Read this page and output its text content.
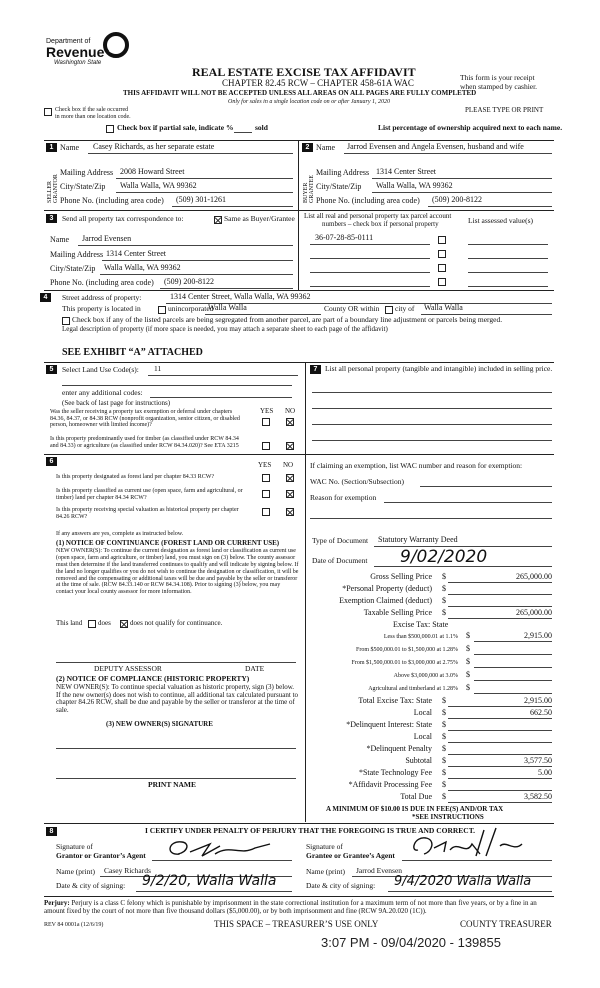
Department of
Revenue
Washington State
REAL ESTATE EXCISE TAX AFFIDAVIT
CHAPTER 82.45 RCW – CHAPTER 458-61A WAC
THIS AFFIDAVIT WILL NOT BE ACCEPTED UNLESS ALL AREAS ON ALL PAGES ARE FULLY COMPLETED
Only for sales in a single location code on or after January 1, 2020
This form is your receipt
when stamped by cashier.
PLEASE TYPE OR PRINT
Check box if the sale occurred
in more than one location code.
Check box if partial sale, indicate %	sold	List percentage of ownership acquired next to each name.
1
SELLER GRANTOR
Name Casey Richards, as her separate estate
Mailing Address 2008 Howard Street
City/State/Zip Walla Walla, WA 99362
Phone No. (including area code) (509) 301-1261
2
BUYER GRANTEE
Name Jarrod Evensen and Angela Evensen, husband and wife
Mailing Address 1314 Center Street
City/State/Zip Walla Walla, WA 99362
Phone No. (including area code) (509) 200-8122
3	Send all property tax correspondence to:	Same as Buyer/Grantee
Name Jarrod Evensen
Mailing Address 1314 Center Street
City/State/Zip Walla Walla, WA 99362
Phone No. (including area code) (509) 200-8122
List all real and personal property tax parcel account
numbers – check box if personal property	List assessed value(s)
36-07-28-85-0111
4	Street address of property:	1314 Center Street, Walla Walla, WA 99362
This property is located in	unincorporated
Walla Walla	County OR within city of Walla Walla
Check box if any of the listed parcels are being segregated from another parcel, are part of a boundary line adjustment or parcels being merged.
Legal description of property (if more space is needed, you may attach a separate sheet to each page of the affidavit)
SEE EXHIBIT “A” ATTACHED
5	Select Land Use Code(s): 11
enter any additional codes:
(See back of last page for instructions)
YES NO
Was the seller receiving a property tax exemption or deferral under chapters 84.36, 84.37, or 84.38 RCW (nonprofit organization, senior citizen, or disabled person, homeowner with limited income)?
Is this property predominantly used for timber (as classified under RCW 84.34 and 84.33) or agriculture (as classified under RCW 84.34.020)? See ETA 3215
7	List all personal property (tangible and intangible) included in selling price.
6	YES NO
Is this property designated as forest land per chapter 84.33 RCW?
Is this property classified as current use (open space, farm and agricultural, or timber) land per chapter 84.34 RCW?
Is this property receiving special valuation as historical property per chapter 84.26 RCW?
If any answers are yes, complete as instructed below.
(1) NOTICE OF CONTINUANCE (FOREST LAND OR CURRENT USE)
NEW OWNER(S): To continue the current designation as forest land or classification as current use (open space, farm and agriculture, or timber) land, you must sign on (3) below. The county assessor must then determine if the land transferred continues to qualify and will indicate by signing below. If the land no longer qualifies or you do not wish to continue the designation or classification, it will be removed and the compensating or additional taxes will be due and payable by the seller or transferor at the time of sale. (RCW 84.33.140 or RCW 84.34.108). Prior to signing (3) below, you may contact your local county assessor for more information.
This land does	does not qualify for continuance.
DEPUTY ASSESSOR	DATE
(2) NOTICE OF COMPLIANCE (HISTORIC PROPERTY)
NEW OWNER(S): To continue special valuation as historic property, sign (3) below. If the new owner(s) does not wish to continue, all additional tax calculated pursuant to chapter 84.26 RCW, shall be due and payable by the seller or transferor at the time of sale.
(3) NEW OWNER(S) SIGNATURE
PRINT NAME
If claiming an exemption, list WAC number and reason for exemption:
WAC No. (Section/Subsection)
Reason for exemption
Type of Document Statutory Warranty Deed
Date of Document 9/02/2020
Gross Selling Price $	265,000.00
*Personal Property (deduct) $
Exemption Claimed (deduct) $
Taxable Selling Price $	265,000.00
Excise Tax: State
Less than $500,000.01 at 1.1% $	2,915.00
From $500,000.01 to $1,500,000 at 1.28% $
From $1,500,000.01 to $3,000,000 at 2.75% $
Above $3,000,000 at 3.0% $
Agricultural and timberland at 1.28% $
Total Excise Tax: State $	2,915.00
Local $	662.50
*Delinquent Interest: State $
Local $
*Delinquent Penalty $
Subtotal $	3,577.50
*State Technology Fee $	5.00
*Affidavit Processing Fee $
Total Due $	3,582.50
A MINIMUM OF $10.00 IS DUE IN FEE(S) AND/OR TAX
*SEE INSTRUCTIONS
8	I CERTIFY UNDER PENALTY OF PERJURY THAT THE FOREGOING IS TRUE AND CORRECT.
Signature of
Grantor or Grantor’s Agent
Name (print) Casey Richards
Date & city of signing: 9/2/20, Walla Walla
Signature of
Grantee or Grantee’s Agent
Name (print) Jarrod Evensen
Date & city of signing: 9/4/2020 Walla Walla
Perjury: Perjury is a class C felony which is punishable by imprisonment in the state correctional institution for a maximum term of not more than five years, or by a fine in an amount fixed by the court of not more than five thousand dollars ($5,000.00), or by both imprisonment and fine (RCW 9A.20.020 (1C)).
REV 84 0001a (12/6/19)	THIS SPACE – TREASURER’S USE ONLY	COUNTY TREASURER
3:07 PM - 09/04/2020 - 139855
